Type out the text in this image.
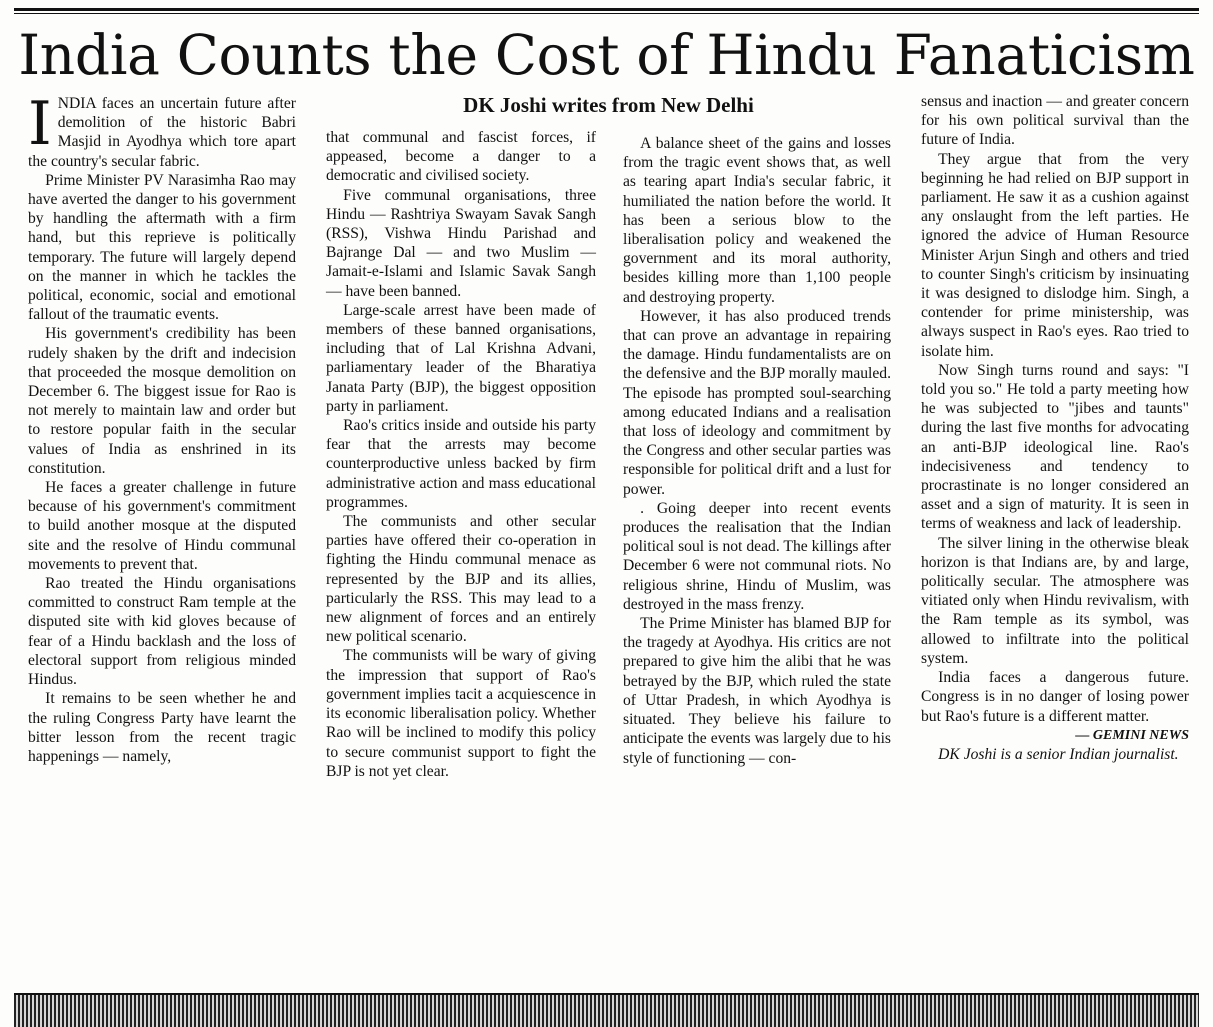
India Counts the Cost of Hindu Fanaticism
DK Joshi writes from New Delhi

INDIA faces an uncertain future after demolition of the historic Babri Masjid in Ayodhya which tore apart the country's secular fabric.

Prime Minister PV Narasimha Rao may have averted the danger to his government by handling the aftermath with a firm hand, but this reprieve is politically temporary. The future will largely depend on the manner in which he tackles the political, economic, social and emotional fallout of the traumatic events.

His government's credibility has been rudely shaken by the drift and indecision that proceeded the mosque demolition on December 6. The biggest issue for Rao is not merely to maintain law and order but to restore popular faith in the secular values of India as enshrined in its constitution.

He faces a greater challenge in future because of his government's commitment to build another mosque at the disputed site and the resolve of Hindu communal movements to prevent that.

Rao treated the Hindu organisations committed to construct Ram temple at the disputed site with kid gloves because of fear of a Hindu backlash and the loss of electoral support from religious minded Hindus.

It remains to be seen whether he and the ruling Congress Party have learnt the bitter lesson from the recent tragic happenings — namely,

that communal and fascist forces, if appeased, become a danger to a democratic and civilised society.

Five communal organisations, three Hindu — Rashtriya Swayam Savak Sangh (RSS), Vishwa Hindu Parishad and Bajrange Dal — and two Muslim — Jamait-e-Islami and Islamic Savak Sangh — have been banned.

Large-scale arrest have been made of members of these banned organisations, including that of Lal Krishna Advani, parliamentary leader of the Bharatiya Janata Party (BJP), the biggest opposition party in parliament.

Rao's critics inside and outside his party fear that the arrests may become counterproductive unless backed by firm administrative action and mass educational programmes.

The communists and other secular parties have offered their co-operation in fighting the Hindu communal menace as represented by the BJP and its allies, particularly the RSS. This may lead to a new alignment of forces and an entirely new political scenario.

The communists will be wary of giving the impression that support of Rao's government implies tacit a acquiescence in its economic liberalisation policy. Whether Rao will be inclined to modify this policy to secure communist support to fight the BJP is not yet clear.

A balance sheet of the gains and losses from the tragic event shows that, as well as tearing apart India's secular fabric, it humiliated the nation before the world. It has been a serious blow to the liberalisation policy and weakened the government and its moral authority, besides killing more than 1,100 people and destroying property.

However, it has also produced trends that can prove an advantage in repairing the damage. Hindu fundamentalists are on the defensive and the BJP morally mauled. The episode has prompted soul-searching among educated Indians and a realisation that loss of ideology and commitment by the Congress and other secular parties was responsible for political drift and a lust for power.

. Going deeper into recent events produces the realisation that the Indian political soul is not dead. The killings after December 6 were not communal riots. No religious shrine, Hindu of Muslim, was destroyed in the mass frenzy.

The Prime Minister has blamed BJP for the tragedy at Ayodhya. His critics are not prepared to give him the alibi that he was betrayed by the BJP, which ruled the state of Uttar Pradesh, in which Ayodhya is situated. They believe his failure to anticipate the events was largely due to his style of functioning — con-

sensus and inaction — and greater concern for his own political survival than the future of India.

They argue that from the very beginning he had relied on BJP support in parliament. He saw it as a cushion against any onslaught from the left parties. He ignored the advice of Human Resource Minister Arjun Singh and others and tried to counter Singh's criticism by insinuating it was designed to dislodge him. Singh, a contender for prime ministership, was always suspect in Rao's eyes. Rao tried to isolate him.

Now Singh turns round and says: "I told you so." He told a party meeting how he was subjected to "jibes and taunts" during the last five months for advocating an anti-BJP ideological line. Rao's indecisiveness and tendency to procrastinate is no longer considered an asset and a sign of maturity. It is seen in terms of weakness and lack of leadership.

The silver lining in the otherwise bleak horizon is that Indians are, by and large, politically secular. The atmosphere was vitiated only when Hindu revivalism, with the Ram temple as its symbol, was allowed to infiltrate into the political system.

India faces a dangerous future. Congress is in no danger of losing power but Rao's future is a different matter.

— GEMINI NEWS

DK Joshi is a senior Indian journalist.
